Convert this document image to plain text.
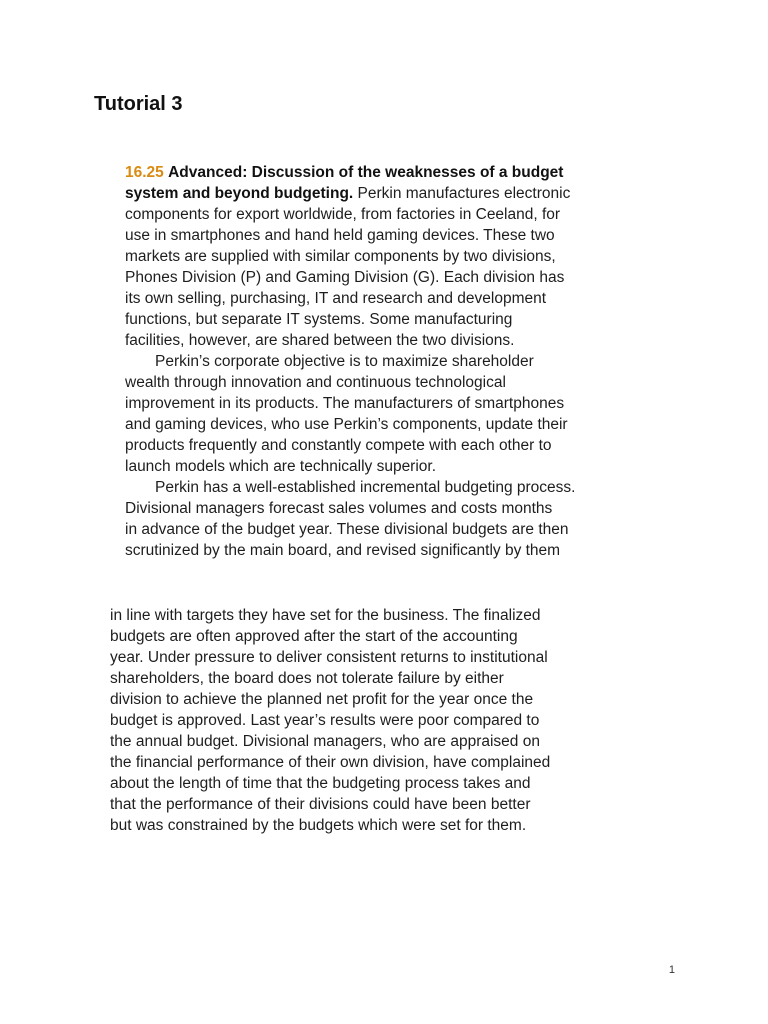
Tutorial 3
16.25 Advanced: Discussion of the weaknesses of a budget
system and beyond budgeting. Perkin manufactures electronic
components for export worldwide, from factories in Ceeland, for
use in smartphones and hand held gaming devices. These two
markets are supplied with similar components by two divisions,
Phones Division (P) and Gaming Division (G). Each division has
its own selling, purchasing, IT and research and development
functions, but separate IT systems. Some manufacturing
facilities, however, are shared between the two divisions.
Perkin’s corporate objective is to maximize shareholder
wealth through innovation and continuous technological
improvement in its products. The manufacturers of smartphones
and gaming devices, who use Perkin’s components, update their
products frequently and constantly compete with each other to
launch models which are technically superior.
Perkin has a well-established incremental budgeting process.
Divisional managers forecast sales volumes and costs months
in advance of the budget year. These divisional budgets are then
scrutinized by the main board, and revised significantly by them
in line with targets they have set for the business. The finalized
budgets are often approved after the start of the accounting
year. Under pressure to deliver consistent returns to institutional
shareholders, the board does not tolerate failure by either
division to achieve the planned net profit for the year once the
budget is approved. Last year’s results were poor compared to
the annual budget. Divisional managers, who are appraised on
the financial performance of their own division, have complained
about the length of time that the budgeting process takes and
that the performance of their divisions could have been better
but was constrained by the budgets which were set for them.
1
